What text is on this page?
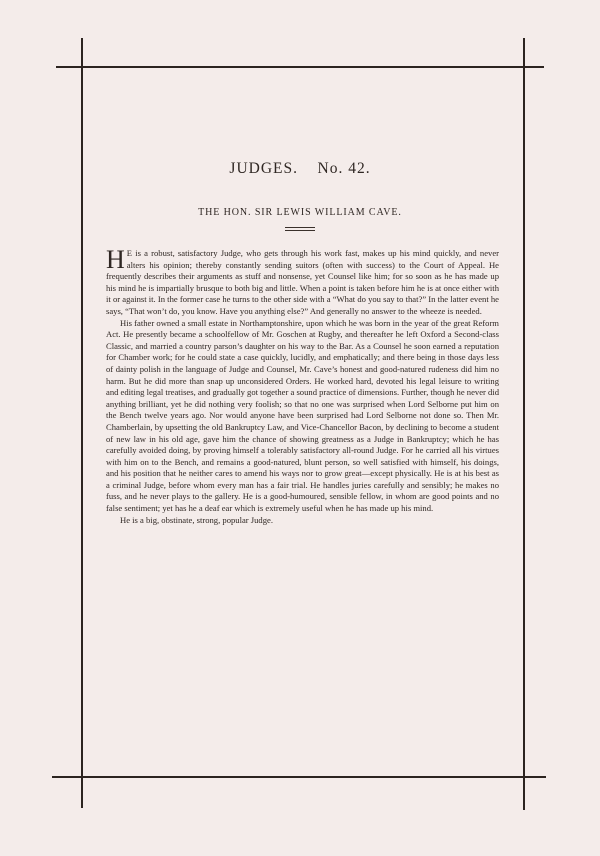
JUDGES.    No. 42.
THE HON. SIR LEWIS WILLIAM CAVE.

H E is a robust, satisfactory Judge, who gets through his work fast, makes up his mind quickly, and never alters his opinion; thereby constantly sending suitors (often with success) to the Court of Appeal. He frequently describes their arguments as stuff and nonsense, yet Counsel like him; for so soon as he has made up his mind he is impartially brusque to both big and little. When a point is taken before him he is at once either with it or against it. In the former case he turns to the other side with a “What do you say to that?” In the latter event he says, “That won’t do, you know. Have you anything else?” And generally no answer to the wheeze is needed.

His father owned a small estate in Northamptonshire, upon which he was born in the year of the great Reform Act. He presently became a schoolfellow of Mr. Goschen at Rugby, and thereafter he left Oxford a Second-class Classic, and married a country parson’s daughter on his way to the Bar. As a Counsel he soon earned a reputation for Chamber work; for he could state a case quickly, lucidly, and emphatically; and there being in those days less of dainty polish in the language of Judge and Counsel, Mr. Cave’s honest and good-natured rudeness did him no harm. But he did more than snap up unconsidered Orders. He worked hard, devoted his legal leisure to writing and editing legal treatises, and gradually got together a sound practice of dimensions. Further, though he never did anything brilliant, yet he did nothing very foolish; so that no one was surprised when Lord Selborne put him on the Bench twelve years ago. Nor would anyone have been surprised had Lord Selborne not done so. Then Mr. Chamberlain, by upsetting the old Bankruptcy Law, and Vice-Chancellor Bacon, by declining to become a student of new law in his old age, gave him the chance of showing greatness as a Judge in Bankruptcy; which he has carefully avoided doing, by proving himself a tolerably satisfactory all-round Judge. For he carried all his virtues with him on to the Bench, and remains a good-natured, blunt person, so well satisfied with himself, his doings, and his position that he neither cares to amend his ways nor to grow great—except physically. He is at his best as a criminal Judge, before whom every man has a fair trial. He handles juries carefully and sensibly; he makes no fuss, and he never plays to the gallery. He is a good-humoured, sensible fellow, in whom are good points and no false sentiment; yet has he a deaf ear which is extremely useful when he has made up his mind.

He is a big, obstinate, strong, popular Judge.
